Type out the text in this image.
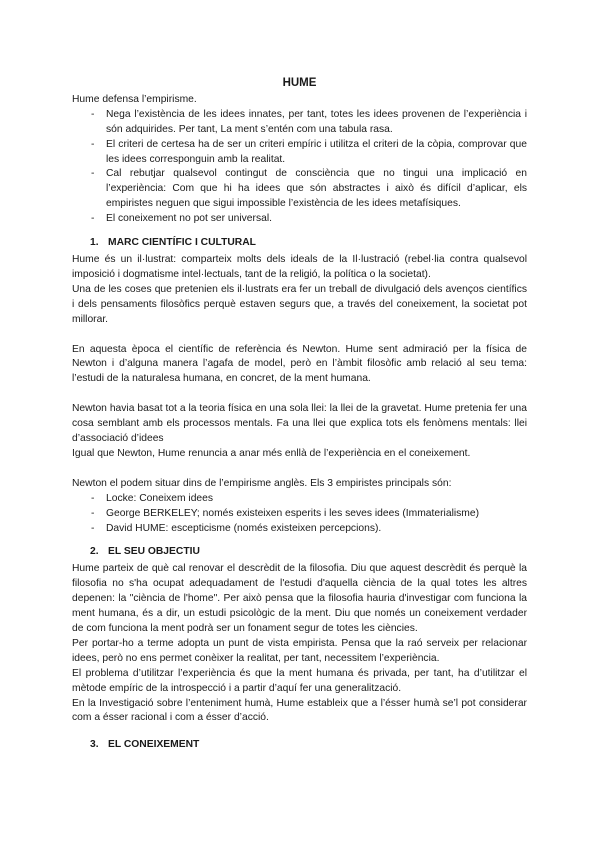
HUME

Hume defensa l’empirisme.

- Nega l’existència de les idees innates, per tant, totes les idees provenen de l’experiència i són adquirides. Per tant, La ment s’entén com una tabula rasa.
- El criteri de certesa ha de ser un criteri empíric i utilitza el criteri de la còpia, comprovar que les idees corresponguin amb la realitat.
- Cal rebutjar qualsevol contingut de consciència que no tingui una implicació en l’experiència: Com que hi ha idees que són abstractes i això és difícil d’aplicar, els empiristes neguen que sigui impossible l’existència de les idees metafísiques.
- El coneixement no pot ser universal.
1. MARC CIENTÍFIC I CULTURAL

Hume és un il·lustrat: comparteix molts dels ideals de la Il·lustració (rebel·lia contra qualsevol imposició i dogmatisme intel·lectuals, tant de la religió, la política o la societat).

Una de les coses que pretenien els il·lustrats era fer un treball de divulgació dels avenços científics i dels pensaments filosòfics perquè estaven segurs que, a través del coneixement, la societat pot millorar.

En aquesta època el científic de referència és Newton. Hume sent admiració per la física de Newton i d’alguna manera l’agafa de model, però en l’àmbit filosòfic amb relació al seu tema: l’estudi de la naturalesa humana, en concret, de la ment humana.

Newton havia basat tot a la teoria física en una sola llei: la llei de la gravetat. Hume pretenia fer una cosa semblant amb els processos mentals. Fa una llei que explica tots els fenòmens mentals: llei d’associació d’idees

Igual que Newton, Hume renuncia a anar més enllà de l’experiència en el coneixement.

Newton el podem situar dins de l’empirisme anglès. Els 3 empiristes principals són:

- Locke: Coneixem idees
- George BERKELEY; només existeixen esperits i les seves idees (Immaterialisme)
- David HUME: escepticisme (només existeixen percepcions).
2. EL SEU OBJECTIU

Hume parteix de què cal renovar el descrèdit de la filosofia. Diu que aquest descrèdit és perquè la filosofia no s'ha ocupat adequadament de l'estudi d'aquella ciència de la qual totes les altres depenen: la "ciència de l'home". Per això pensa que la filosofia hauria d'investigar com funciona la ment humana, és a dir, un estudi psicològic de la ment. Diu que només un coneixement verdader de com funciona la ment podrà ser un fonament segur de totes les ciències.

Per portar-ho a terme adopta un punt de vista empirista. Pensa que la raó serveix per relacionar idees, però no ens permet conèixer la realitat, per tant, necessitem l’experiència.

El problema d’utilitzar l’experiència és que la ment humana és privada, per tant, ha d’utilitzar el mètode empíric de la introspecció i a partir d’aquí fer una generalització.

En la Investigació sobre l’enteniment humà, Hume estableix que a l’ésser humà se’l pot considerar com a ésser racional i com a ésser d’acció.

3. EL CONEIXEMENT
